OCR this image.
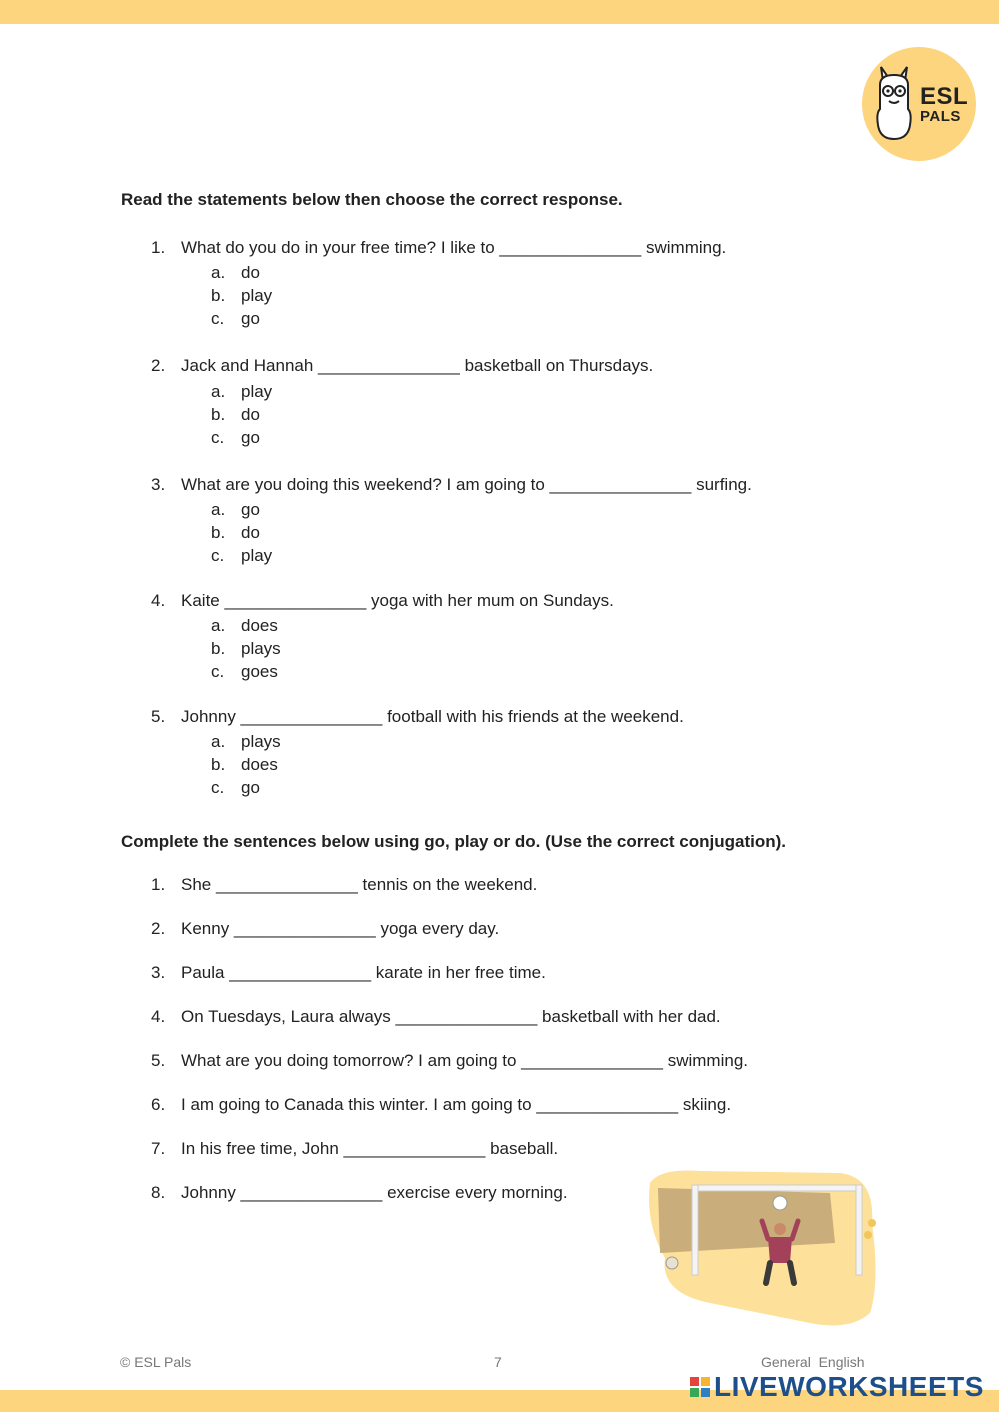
ESL
PALS
Read the statements below then choose the correct response.
1. What do you do in your free time? I like to _______________ swimming.
a. do
b. play
c. go
2. Jack and Hannah _______________ basketball on Thursdays.
a. play
b. do
c. go
3. What are you doing this weekend? I am going to _______________ surfing.
a. go
b. do
c. play
4. Kaite _______________ yoga with her mum on Sundays.
a. does
b. plays
c. goes
5. Johnny _______________ football with his friends at the weekend.
a. plays
b. does
c. go
Complete the sentences below using go, play or do. (Use the correct conjugation).
1. She _______________ tennis on the weekend.
2. Kenny _______________ yoga every day.
3. Paula _______________ karate in her free time.
4. On Tuesdays, Laura always _______________ basketball with her dad.
5. What are you doing tomorrow? I am going to _______________ swimming.
6. I am going to Canada this winter. I am going to _______________ skiing.
7. In his free time, John _______________ baseball.
8. Johnny _______________ exercise every morning.
© ESL Pals	7	General  English
LIVEWORKSHEETS
